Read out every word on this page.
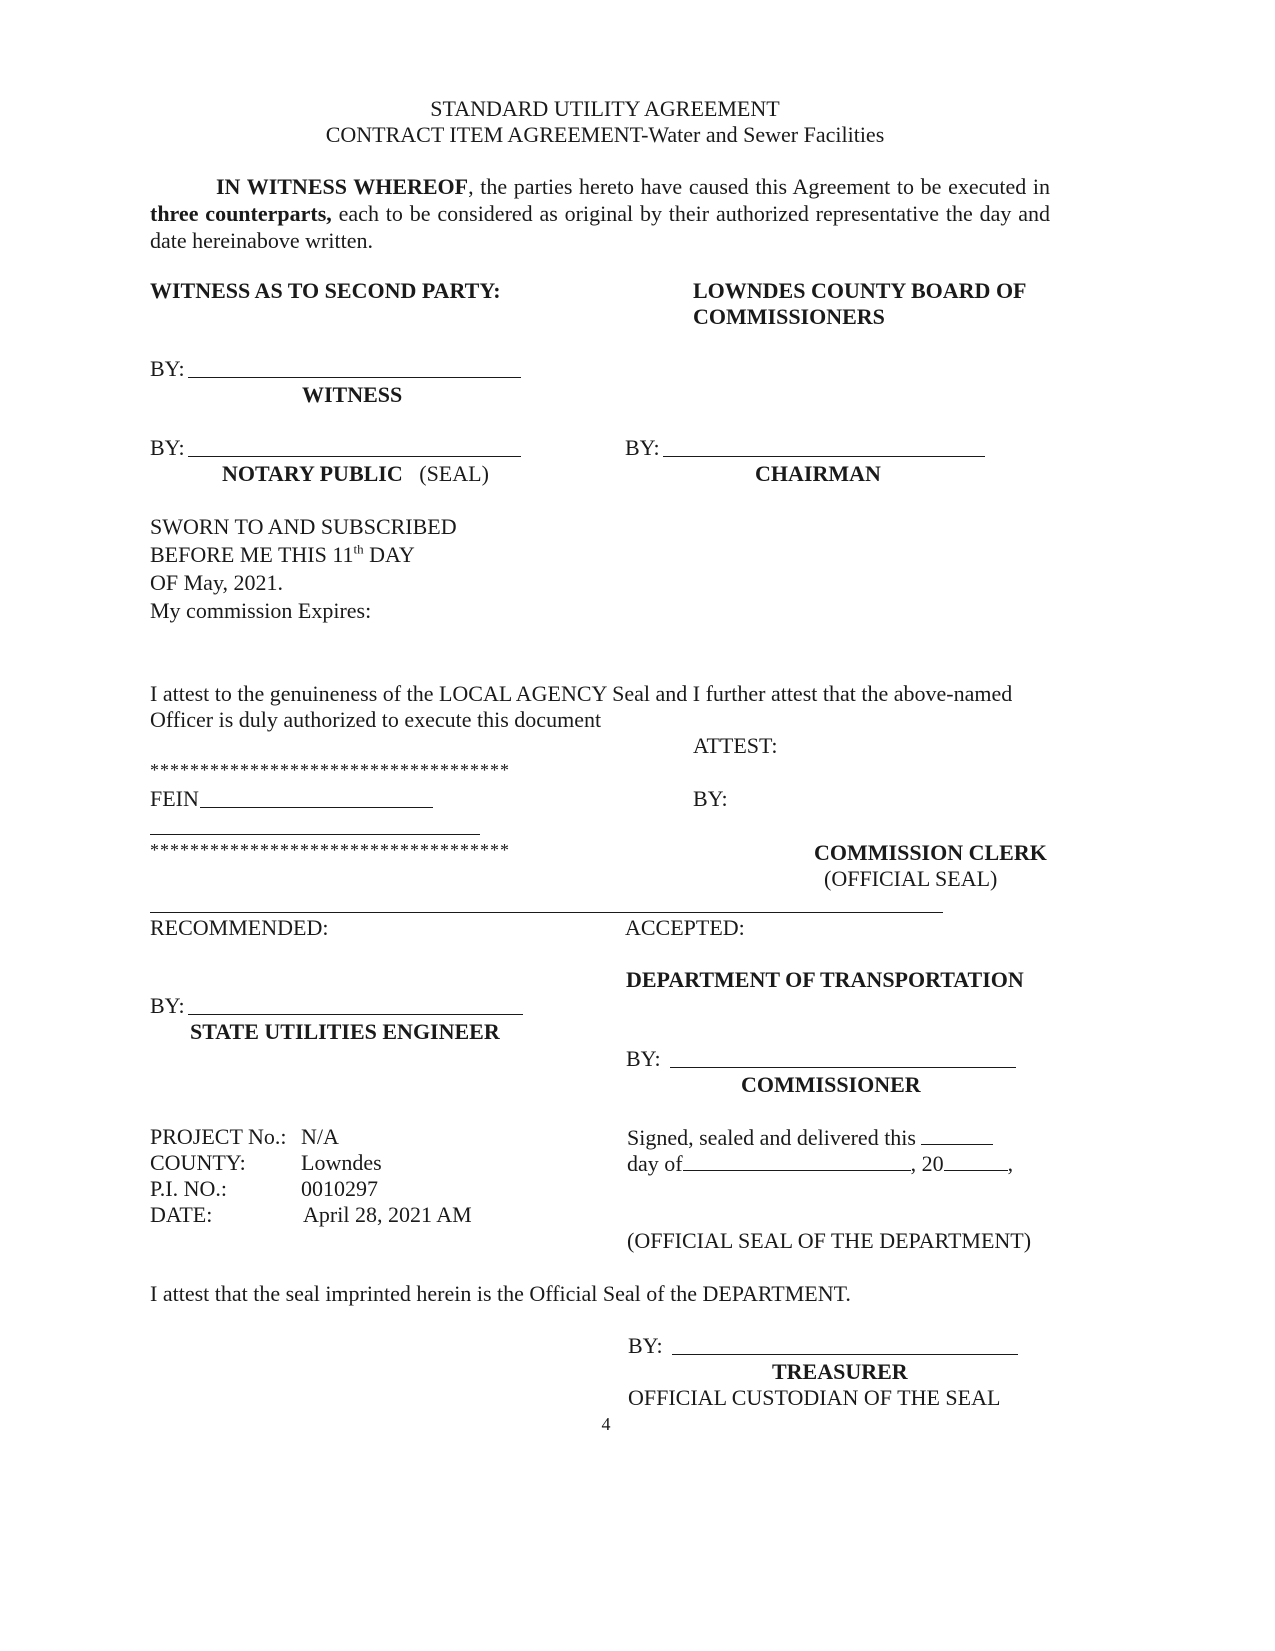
STANDARD UTILITY AGREEMENT
CONTRACT ITEM AGREEMENT-Water and Sewer Facilities
IN WITNESS WHEREOF, the parties hereto have caused this Agreement to be executed in three counterparts, each to be considered as original by their authorized representative the day and date hereinabove written.
WITNESS AS TO SECOND PARTY:	LOWNDES COUNTY BOARD OF
COMMISSIONERS
BY:
WITNESS
BY:
NOTARY PUBLIC (SEAL)
BY:
CHAIRMAN
SWORN TO AND SUBSCRIBED
BEFORE ME THIS 11th DAY
OF May, 2021.
My commission Expires:
I attest to the genuineness of the LOCAL AGENCY Seal and I further attest that the above-named
Officer is duly authorized to execute this document
ATTEST:
BY:
COMMISSION CLERK
(OFFICIAL SEAL)
************************************
FEIN
************************************
RECOMMENDED:	ACCEPTED:
DEPARTMENT OF TRANSPORTATION
BY:
STATE UTILITIES ENGINEER
BY:
COMMISSIONER
PROJECT No.: N/A
COUNTY:	Lowndes
P.I. NO.:	0010297
DATE:	April 28, 2021 AM
Signed, sealed and delivered this
day of	, 20	,
(OFFICIAL SEAL OF THE DEPARTMENT)
I attest that the seal imprinted herein is the Official Seal of the DEPARTMENT.
BY:
TREASURER
OFFICIAL CUSTODIAN OF THE SEAL
4
